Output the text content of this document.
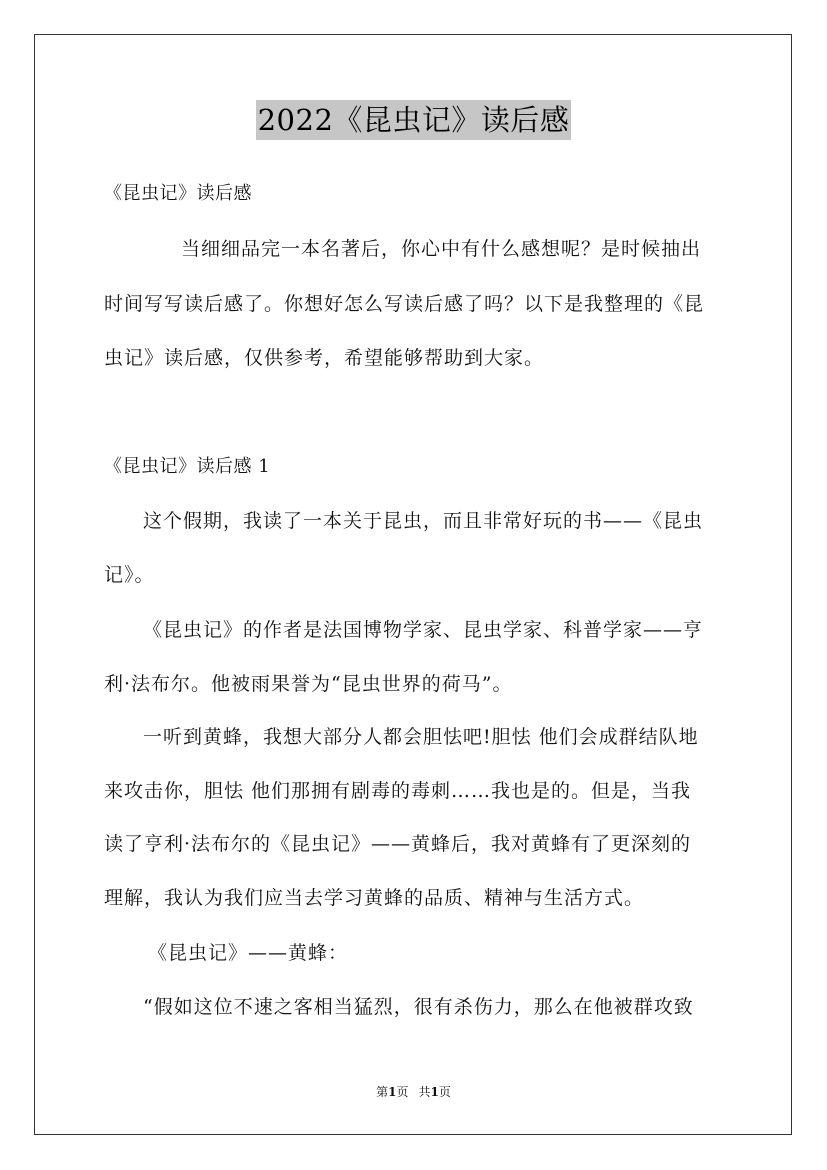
2022《昆虫记》读后感
《昆虫记》读后感
当细细品完一本名著后，你心中有什么感想呢？是时候抽出
时间写写读后感了。你想好怎么写读后感了吗？以下是我整理的《昆
虫记》读后感，仅供参考，希望能够帮助到大家。
《昆虫记》读后感 1
这个假期，我读了一本关于昆虫，而且非常好玩的书——《昆虫
记》。
《昆虫记》的作者是法国博物学家、昆虫学家、科普学家——亨
利·法布尔。他被雨果誉为“昆虫世界的荷马”。
一听到黄蜂，我想大部分人都会胆怯吧!胆怯 他们会成群结队地
来攻击你，胆怯 他们那拥有剧毒的毒刺……我也是的。但是，当我
读了亨利·法布尔的《昆虫记》——黄蜂后，我对黄蜂有了更深刻的
理解，我认为我们应当去学习黄蜂的品质、精神与生活方式。
《昆虫记》——黄蜂：
“假如这位不速之客相当猛烈，很有杀伤力，那么在他被群攻致
第1页 共1页
